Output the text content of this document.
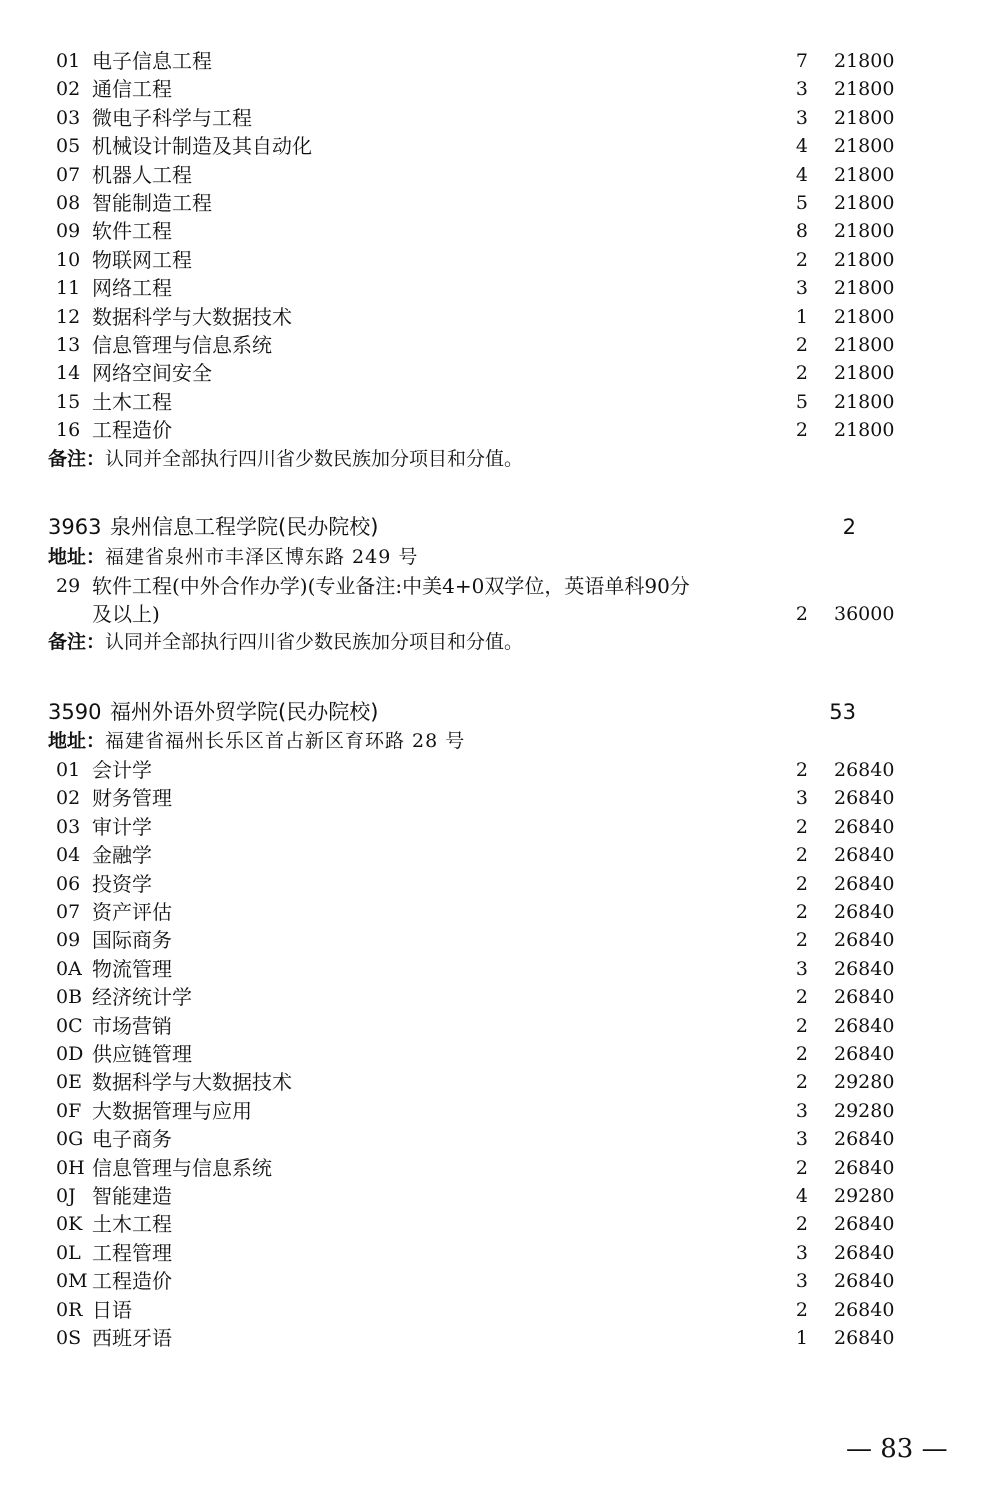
01 电子信息工程	7 21800
02 通信工程	3 21800
03 微电子科学与工程	3 21800
05 机械设计制造及其自动化	4 21800
07 机器人工程	4 21800
08 智能制造工程	5 21800
09 软件工程	8 21800
10 物联网工程	2 21800
11 网络工程	3 21800
12 数据科学与大数据技术	1 21800
13 信息管理与信息系统	2 21800
14 网络空间安全	2 21800
15 土木工程	5 21800
16 工程造价	2 21800
备注：认同并全部执行四川省少数民族加分项目和分值。
3963 泉州信息工程学院(民办院校)	2
地址：福建省泉州市丰泽区博东路 249 号
29 软件工程(中外合作办学)(专业备注:中美4+0双学位，英语单科90分
及以上)	2 36000
备注：认同并全部执行四川省少数民族加分项目和分值。
3590 福州外语外贸学院(民办院校)	53
地址：福建省福州长乐区首占新区育环路 28 号
01 会计学	2 26840
02 财务管理	3 26840
03 审计学	2 26840
04 金融学	2 26840
06 投资学	2 26840
07 资产评估	2 26840
09 国际商务	2 26840
0A 物流管理	3 26840
0B 经济统计学	2 26840
0C 市场营销	2 26840
0D 供应链管理	2 26840
0E 数据科学与大数据技术	2 29280
0F 大数据管理与应用	3 29280
0G 电子商务	3 26840
0H 信息管理与信息系统	2 26840
0J 智能建造	4 29280
0K 土木工程	2 26840
0L 工程管理	3 26840
0M 工程造价	3 26840
0R 日语	2 26840
0S 西班牙语	1 26840
— 83 —
